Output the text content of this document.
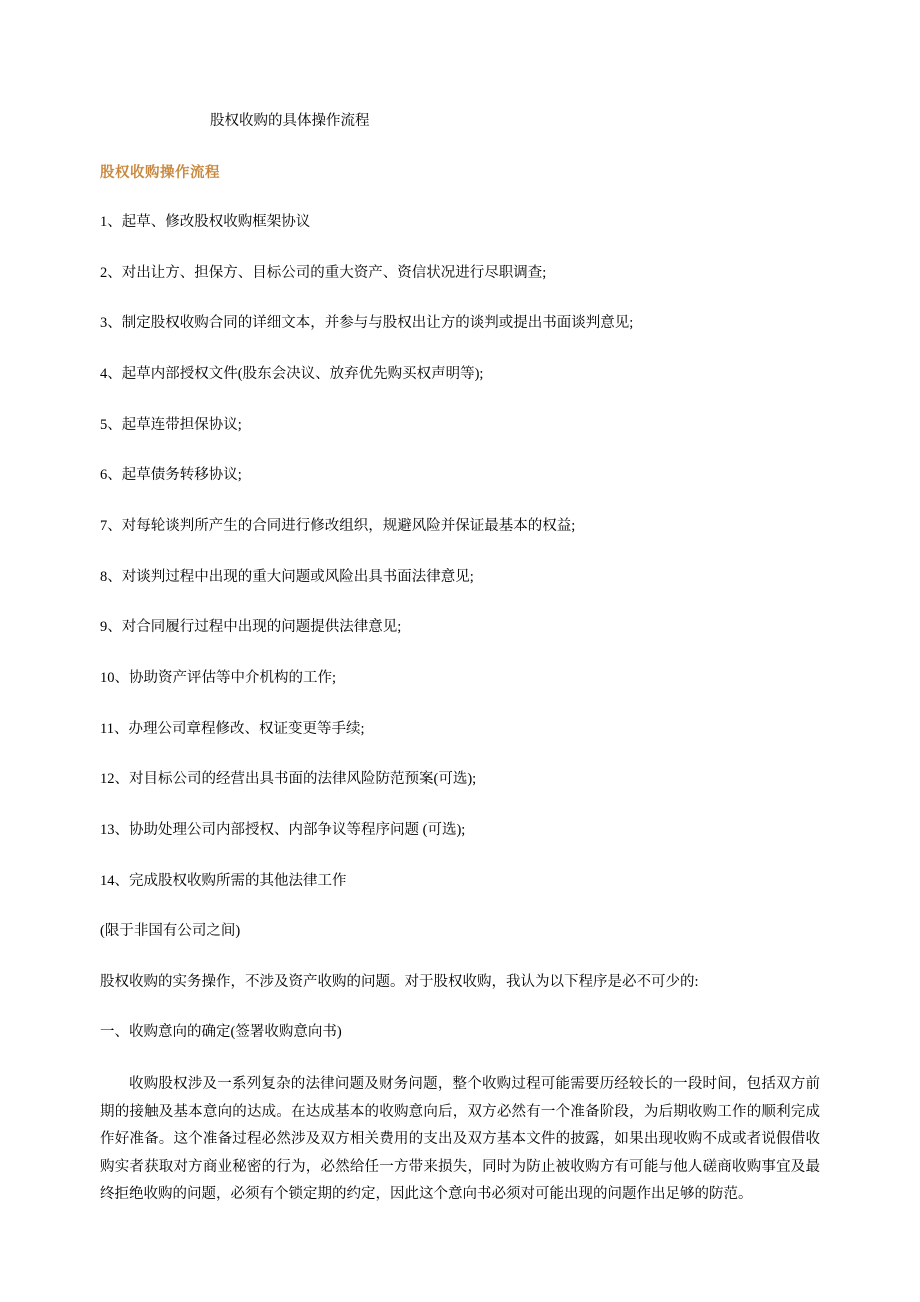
股权收购的具体操作流程
股权收购操作流程
1、起草、修改股权收购框架协议
2、对出让方、担保方、目标公司的重大资产、资信状况进行尽职调查;
3、制定股权收购合同的详细文本，并参与与股权出让方的谈判或提出书面谈判意见;
4、起草内部授权文件(股东会决议、放弃优先购买权声明等);
5、起草连带担保协议;
6、起草债务转移协议;
7、对每轮谈判所产生的合同进行修改组织，规避风险并保证最基本的权益;
8、对谈判过程中出现的重大问题或风险出具书面法律意见;
9、对合同履行过程中出现的问题提供法律意见;
10、协助资产评估等中介机构的工作;
11、办理公司章程修改、权证变更等手续;
12、对目标公司的经营出具书面的法律风险防范预案(可选);
13、协助处理公司内部授权、内部争议等程序问题 (可选);
14、完成股权收购所需的其他法律工作
(限于非国有公司之间)
股权收购的实务操作，不涉及资产收购的问题。对于股权收购，我认为以下程序是必不可少的:
一、收购意向的确定(签署收购意向书)
收购股权涉及一系列复杂的法律问题及财务问题，整个收购过程可能需要历经较长的一段时间，包括双方前期的接触及基本意向的达成。在达成基本的收购意向后，双方必然有一个准备阶段，为后期收购工作的顺利完成作好准备。这个准备过程必然涉及双方相关费用的支出及双方基本文件的披露，如果出现收购不成或者说假借收购实者获取对方商业秘密的行为，必然给任一方带来损失，同时为防止被收购方有可能与他人磋商收购事宜及最终拒绝收购的问题，必须有个锁定期的约定，因此这个意向书必须对可能出现的问题作出足够的防范。
